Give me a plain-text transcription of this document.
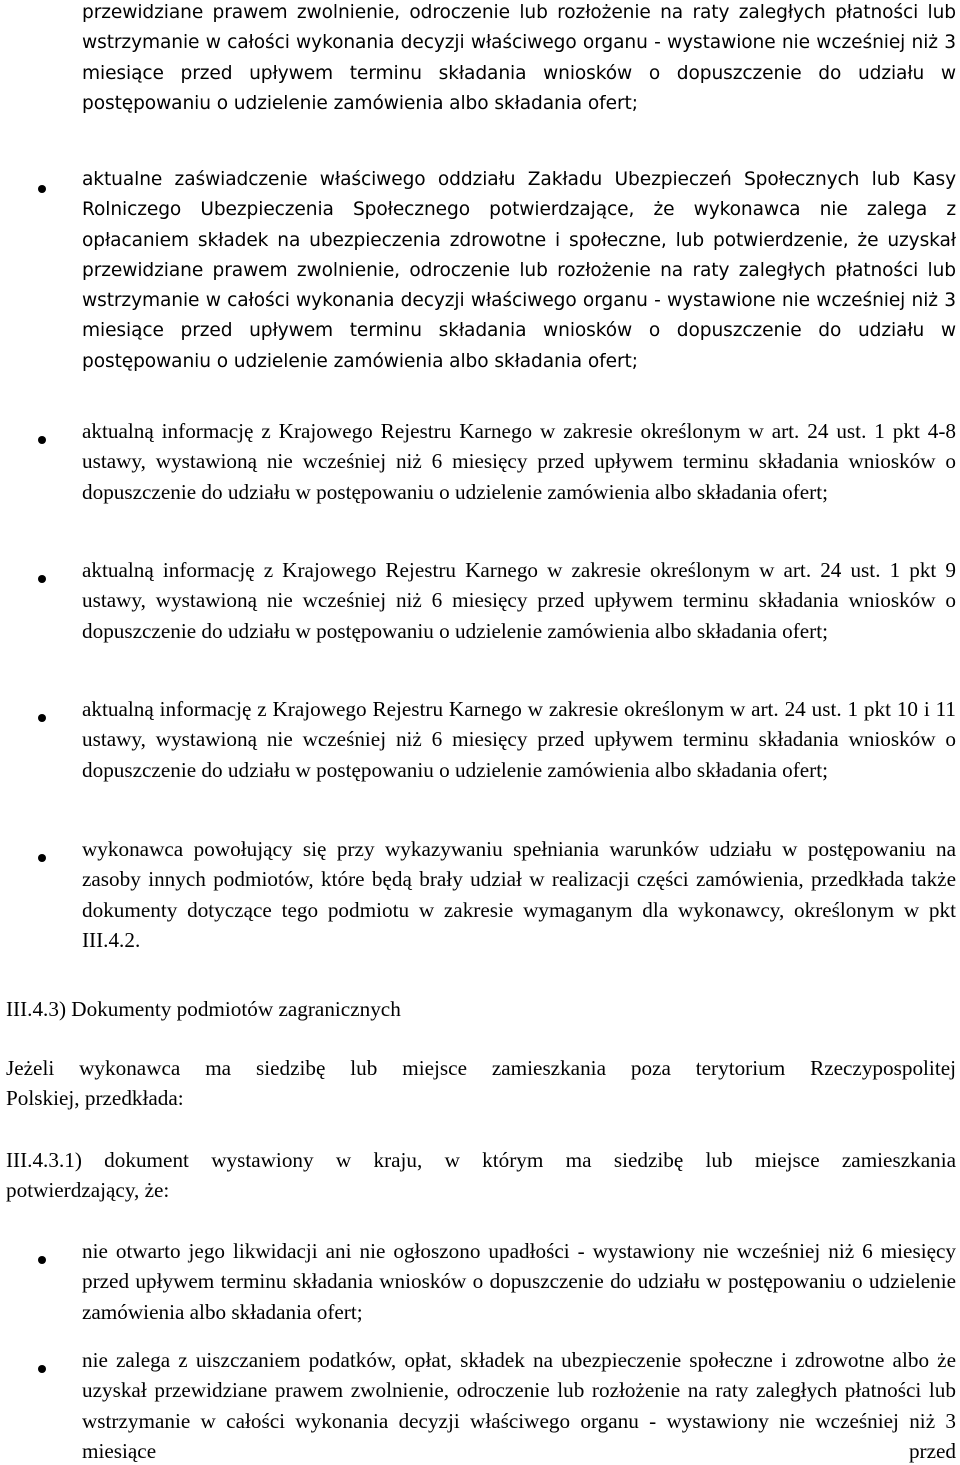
przewidziane prawem zwolnienie, odroczenie lub rozłożenie na raty zaległych płatności lub wstrzymanie w całości wykonania decyzji właściwego organu - wystawione nie wcześniej niż 3 miesiące przed upływem terminu składania wniosków o dopuszczenie do udziału w postępowaniu o udzielenie zamówienia albo składania ofert;

aktualne zaświadczenie właściwego oddziału Zakładu Ubezpieczeń Społecznych lub Kasy Rolniczego Ubezpieczenia Społecznego potwierdzające, że wykonawca nie zalega z opłacaniem składek na ubezpieczenia zdrowotne i społeczne, lub potwierdzenie, że uzyskał przewidziane prawem zwolnienie, odroczenie lub rozłożenie na raty zaległych płatności lub wstrzymanie w całości wykonania decyzji właściwego organu - wystawione nie wcześniej niż 3 miesiące przed upływem terminu składania wniosków o dopuszczenie do udziału w postępowaniu o udzielenie zamówienia albo składania ofert;

aktualną informację z Krajowego Rejestru Karnego w zakresie określonym w art. 24 ust. 1 pkt 4-8 ustawy, wystawioną nie wcześniej niż 6 miesięcy przed upływem terminu składania wniosków o dopuszczenie do udziału w postępowaniu o udzielenie zamówienia albo składania ofert;

aktualną informację z Krajowego Rejestru Karnego w zakresie określonym w art. 24 ust. 1 pkt 9 ustawy, wystawioną nie wcześniej niż 6 miesięcy przed upływem terminu składania wniosków o dopuszczenie do udziału w postępowaniu o udzielenie zamówienia albo składania ofert;

aktualną informację z Krajowego Rejestru Karnego w zakresie określonym w art. 24 ust. 1 pkt 10 i 11 ustawy, wystawioną nie wcześniej niż 6 miesięcy przed upływem terminu składania wniosków o dopuszczenie do udziału w postępowaniu o udzielenie zamówienia albo składania ofert;

wykonawca powołujący się przy wykazywaniu spełniania warunków udziału w postępowaniu na zasoby innych podmiotów, które będą brały udział w realizacji części zamówienia, przedkłada także dokumenty dotyczące tego podmiotu w zakresie wymaganym dla wykonawcy, określonym w pkt III.4.2.

III.4.3) Dokumenty podmiotów zagranicznych

Jeżeli wykonawca ma siedzibę lub miejsce zamieszkania poza terytorium Rzeczypospolitej

Polskiej, przedkłada:

III.4.3.1) dokument wystawiony w kraju, w którym ma siedzibę lub miejsce zamieszkania

potwierdzający, że:

nie otwarto jego likwidacji ani nie ogłoszono upadłości - wystawiony nie wcześniej niż 6 miesięcy przed upływem terminu składania wniosków o dopuszczenie do udziału w postępowaniu o udzielenie zamówienia albo składania ofert;

nie zalega z uiszczaniem podatków, opłat, składek na ubezpieczenie społeczne i zdrowotne albo że uzyskał przewidziane prawem zwolnienie, odroczenie lub rozłożenie na raty zaległych płatności lub wstrzymanie w całości wykonania decyzji właściwego organu - wystawiony nie wcześniej niż 3 miesiące przed
